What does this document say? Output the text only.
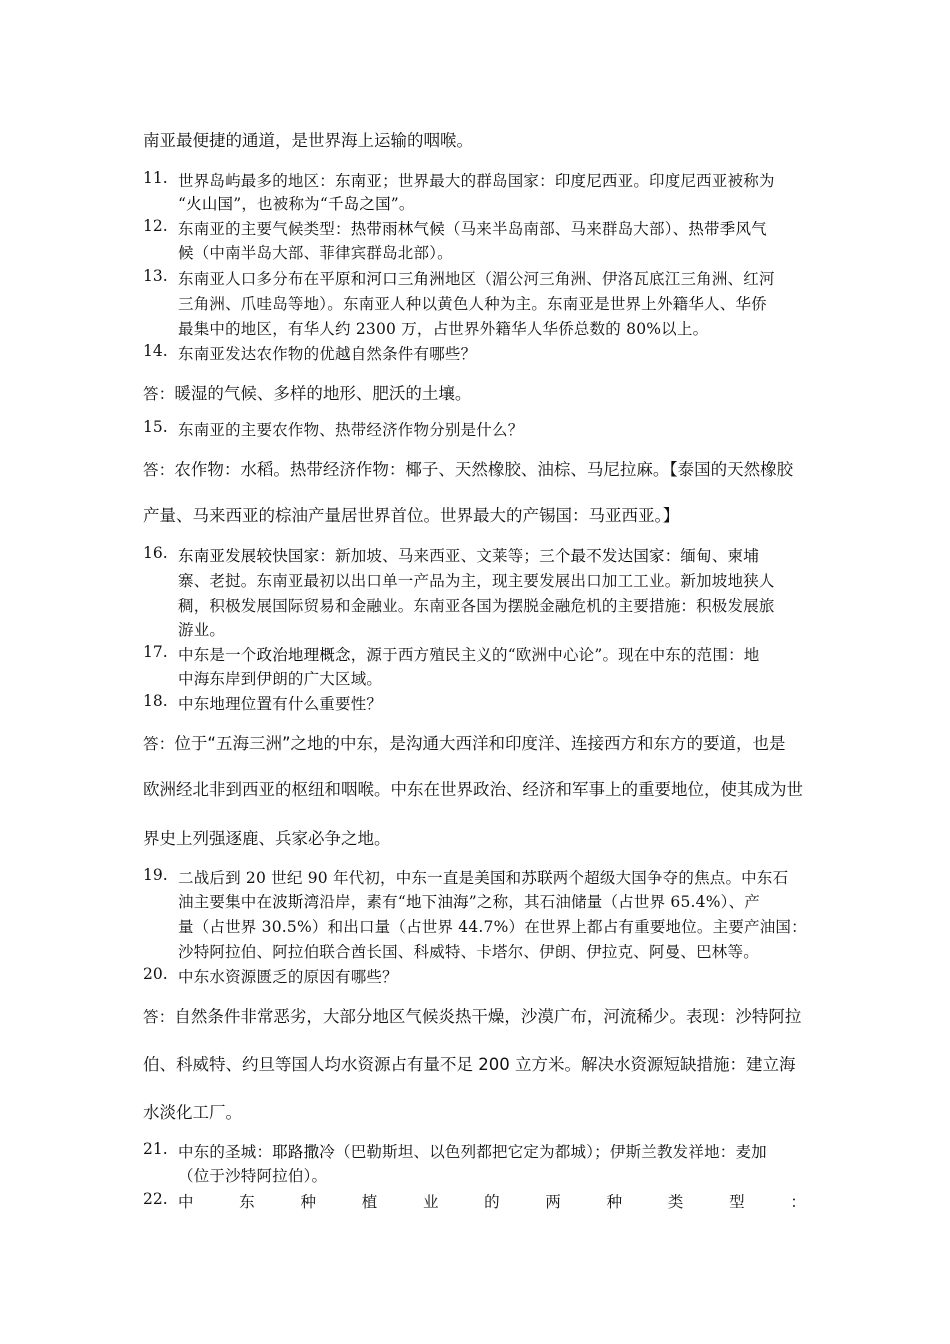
南亚最便捷的通道，是世界海上运输的咽喉。
11. 世界岛屿最多的地区：东南亚；世界最大的群岛国家：印度尼西亚。印度尼西亚被称为
“火山国”，也被称为“千岛之国”。
12. 东南亚的主要气候类型：热带雨林气候（马来半岛南部、马来群岛大部）、热带季风气
候（中南半岛大部、菲律宾群岛北部）。
13. 东南亚人口多分布在平原和河口三角洲地区（湄公河三角洲、伊洛瓦底江三角洲、红河
三角洲、爪哇岛等地）。东南亚人种以黄色人种为主。东南亚是世界上外籍华人、华侨
最集中的地区，有华人约 2300 万，占世界外籍华人华侨总数的 80%以上。
14. 东南亚发达农作物的优越自然条件有哪些？
答：暖湿的气候、多样的地形、肥沃的土壤。
15. 东南亚的主要农作物、热带经济作物分别是什么？
答：农作物：水稻。热带经济作物：椰子、天然橡胶、油棕、马尼拉麻。【泰国的天然橡胶
产量、马来西亚的棕油产量居世界首位。世界最大的产锡国：马亚西亚。】
16. 东南亚发展较快国家：新加坡、马来西亚、文莱等；三个最不发达国家：缅甸、柬埔
寨、老挝。东南亚最初以出口单一产品为主，现主要发展出口加工工业。新加坡地狭人
稠，积极发展国际贸易和金融业。东南亚各国为摆脱金融危机的主要措施：积极发展旅
游业。
17. 中东是一个政治地理概念，源于西方殖民主义的“欧洲中心论”。现在中东的范围：地
中海东岸到伊朗的广大区域。
18. 中东地理位置有什么重要性？
答：位于“五海三洲”之地的中东，是沟通大西洋和印度洋、连接西方和东方的要道，也是
欧洲经北非到西亚的枢纽和咽喉。中东在世界政治、经济和军事上的重要地位，使其成为世
界史上列强逐鹿、兵家必争之地。
19. 二战后到 20 世纪 90 年代初，中东一直是美国和苏联两个超级大国争夺的焦点。中东石
油主要集中在波斯湾沿岸，素有“地下油海”之称，其石油储量（占世界 65.4%）、产
量（占世界 30.5%）和出口量（占世界 44.7%）在世界上都占有重要地位。主要产油国：
沙特阿拉伯、阿拉伯联合酋长国、科威特、卡塔尔、伊朗、伊拉克、阿曼、巴林等。
20. 中东水资源匮乏的原因有哪些？
答：自然条件非常恶劣，大部分地区气候炎热干燥，沙漠广布，河流稀少。表现：沙特阿拉
伯、科威特、约旦等国人均水资源占有量不足 200 立方米。解决水资源短缺措施：建立海
水淡化工厂。
21. 中东的圣城：耶路撒冷（巴勒斯坦、以色列都把它定为都城）；伊斯兰教发祥地：麦加
（位于沙特阿拉伯）。
22. 中	东	种	植	业	的	两	种	类	型	：
